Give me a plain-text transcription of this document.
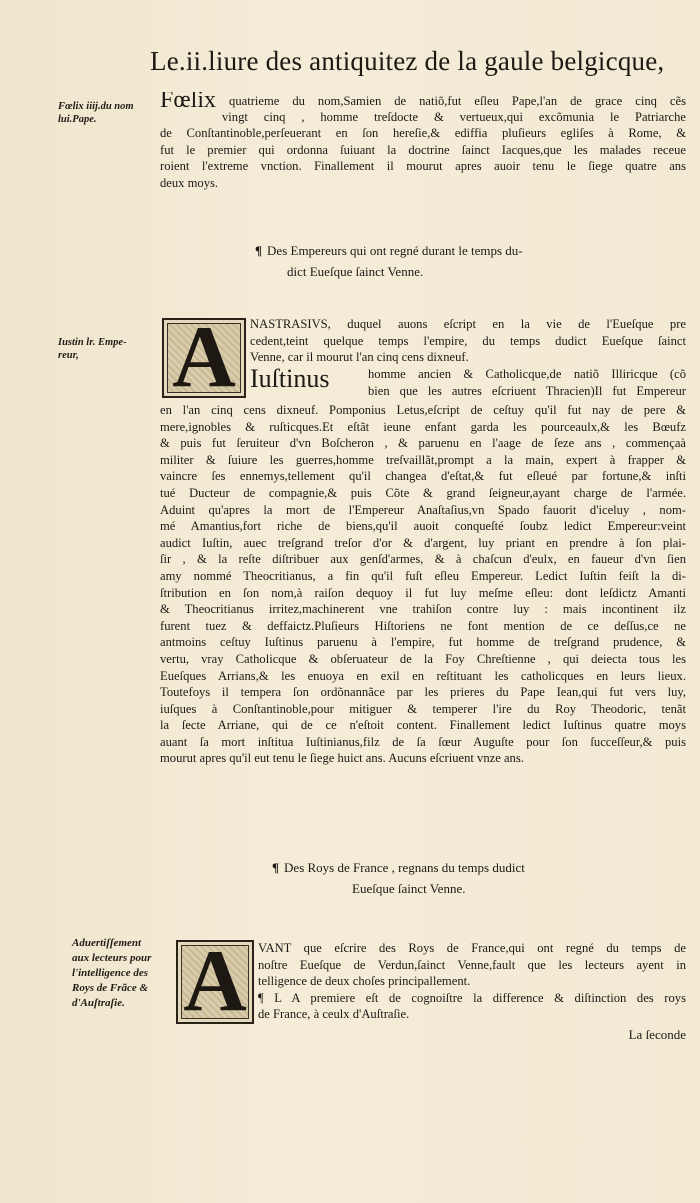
Le.ii.liure des antiquitez de la gaule belgicque,
Fœlix iiij.du nom
lui.Pape.
Fœlix quatrieme du nom,Samien de natiõ,fut eſleu Pape,l'an de grace cinq cẽs
vingt cinq , homme treſdocte & vertueux,qui excõmunia le Patriarche
de Conſtantinoble,perſeuerant en ſon hereſie,& ediffia pluſieurs egliſes à Rome, &
fut le premier qui ordonna ſuiuant la doctrine ſainct Iacques,que les malades receue
roient l'extreme vnction. Finallement il mourut apres auoir tenu le ſiege quatre ans
deux moys.
¶ Des Empereurs qui ont regné durant le temps du-
dict Eueſque ſainct Venne.
Iustin lr. Empe-
reur,	A	NASTRASIVS, duquel auons eſcript en la vie de l'Eueſque pre
cedent,teint quelque temps l'empire, du temps dudict Eueſque ſainct
Venne, car il mourut l'an cinq cens dixneuf.
Iuſtinus	homme ancien & Catholicque,de natiõ Illiricque (cõ
bien que les autres eſcriuent Thracien)Il fut Empereur
en l'an cinq cens dixneuf. Pomponius Letus,eſcript de ceſtuy qu'il fut nay de pere &
mere,ignobles & ruſticques.Et eſtãt ieune enfant garda les pourceaulx,& les Bœufz
& puis fut ſeruiteur d'vn Boſcheron , & paruenu en l'aage de ſeze ans , commençaà
militer & ſuiure les guerres,homme treſvaillãt,prompt a la main, expert à frapper &
vaincre ſes ennemys,tellement qu'il changea d'eſtat,& fut eſleué par fortune,& inſti
tué Ducteur de compagnie,& puis Cõte & grand ſeigneur,ayant charge de l'armée.
Aduint qu'apres la mort de l'Empereur Anaſtaſius,vn Spado fauorit d'iceluy , nom-
mé Amantius,fort riche de biens,qu'il auoit conqueſté ſoubz ledict Empereur:veint
audict Iuſtin, auec treſgrand treſor d'or & d'argent, luy priant en prendre à ſon plai-
ſir , & la reſte diſtribuer aux genſd'armes, & à chaſcun d'eulx, en faueur d'vn ſien
amy nommé Theocritianus, a fin qu'il fuſt eſleu Empereur. Ledict Iuſtin feiſt la di-
ſtribution en ſon nom,à raiſon dequoy il fut luy meſme eſleu: dont leſdictz Amanti
& Theocritianus irritez,machinerent vne trahiſon contre luy : mais incontinent ilz
furent tuez & deffaictz.Pluſieurs Hiſtoriens ne font mention de ce deſſus,ce ne
antmoins ceſtuy Iuſtinus paruenu à l'empire, fut homme de treſgrand prudence, &
vertu, vray Catholicque & obſeruateur de la Foy Chreſtienne , qui deiecta tous les
Eueſques Arrians,& les enuoya en exil en reſtituant les catholicques en leurs lieux.
Toutefoys il tempera ſon ordõnannãce par les prieres du Pape Iean,qui fut vers luy,
iuſques à Conſtantinoble,pour mitiguer & temperer l'ire du Roy Theodoric, tenãt
la ſecte Arriane, qui de ce n'eſtoit content. Finallement ledict Iuſtinus quatre moys
auant ſa mort inſtitua Iuſtinianus,filz de ſa ſœur Auguſte pour ſon ſucceſſeur,& puis
mourut apres qu'il eut tenu le ſiege huict ans. Aucuns eſcriuent vnze ans.
¶ Des Roys de France , regnans du temps dudict
Eueſque ſainct Venne.
Aduertiſſement
aux lecteurs pour
l'intelligence des
Roys de Frãce &
d'Auſtraſie. A VANT que eſcrire des Roys de France,qui ont regné du temps de
noſtre Eueſque de Verdun,ſainct Venne,fault que les lecteurs ayent in
telligence de deux choſes principallement.
¶ L A premiere eſt de cognoiſtre la difference & diſtinction des roys
de France, à ceulx d'Auſtraſie.
La ſeconde
